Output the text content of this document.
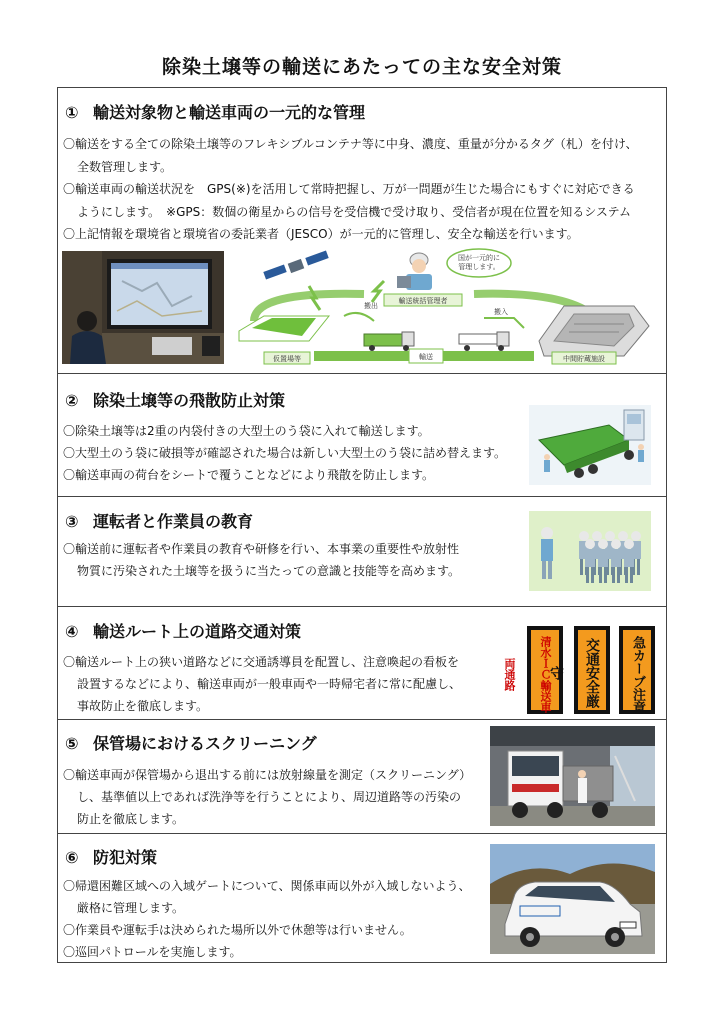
除染土壌等の輸送にあたっての主な安全対策
① 輸送対象物と輸送車両の一元的な管理
〇輸送をする全ての除染土壌等のフレキシブルコンテナ等に中身、濃度、重量が分かるタグ（札）を付け、
全数管理します。
〇輸送車両の輸送状況を　GPS(※)を活用して常時把握し、万が一問題が生じた場合にもすぐに対応できる
ようにします。　※GPS：数個の衛星からの信号を受信機で受け取り、受信者が現在位置を知るシステム
〇上記情報を環境省と環境省の委託業者（JESCO）が一元的に管理し、安全な輸送を行います。
国が一元的に管理します。
輸送統括管理者
仮置場等
搬出
搬入
輸送	中間貯蔵施設
② 除染土壌等の飛散防止対策
〇除染土壌等は2重の内袋付きの大型土のう袋に入れて輸送します。
〇大型土のう袋に破損等が確認された場合は新しい大型土のう袋に詰め替えます。
〇輸送車両の荷台をシートで覆うことなどにより飛散を防止します。
③ 運転者と作業員の教育
〇輸送前に運転者や作業員の教育や研修を行い、本事業の重要性や放射性
物質に汚染された土壌等を扱うに当たっての意識と技能等を高めます。
④ 輸送ルート上の道路交通対策
〇輸送ルート上の狭い道路などに交通誘導員を配置し、注意喚起の看板を
設置するなどにより、輸送車両が一般車両や一時帰宅者に常に配慮し、
事故防止を徹底します。	清水ＩＣ輸送車両通路	交通安全厳守	急カーブ注意
⑤ 保管場におけるスクリーニング
〇輸送車両が保管場から退出する前には放射線量を測定（スクリーニング）
し、基準値以上であれば洗浄等を行うことにより、周辺道路等の汚染の
防止を徹底します。
⑥ 防犯対策
〇帰還困難区域への入域ゲートについて、関係車両以外が入域しないよう、
厳格に管理します。
〇作業員や運転手は決められた場所以外で休憩等は行いません。
〇巡回パトロールを実施します。
